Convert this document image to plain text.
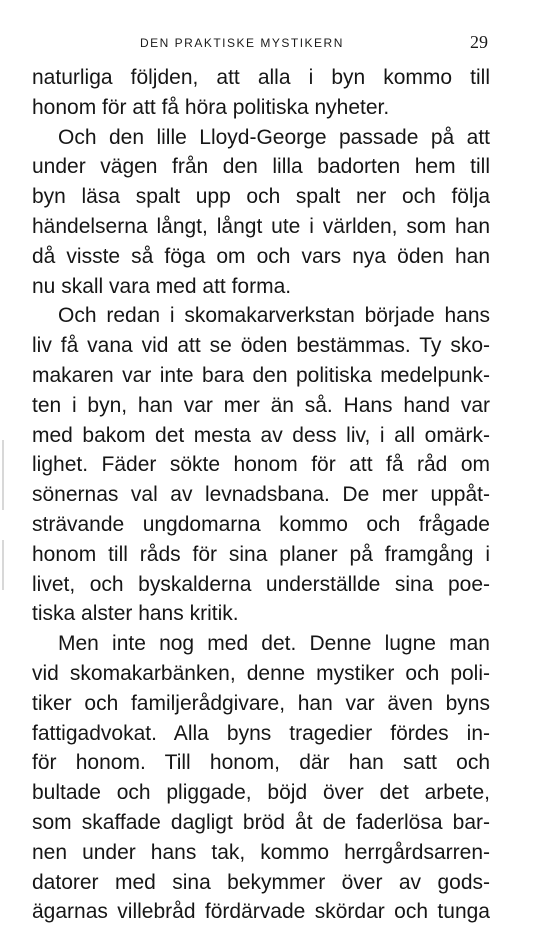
DEN PRAKTISKE MYSTIKERN	29
naturliga följden, att alla i byn kommo till
honom för att få höra politiska nyheter.
Och den lille Lloyd-George passade på att
under vägen från den lilla badorten hem till
byn läsa spalt upp och spalt ner och följa
händelserna långt, långt ute i världen, som han
då visste så föga om och vars nya öden han
nu skall vara med att forma.
Och redan i skomakarverkstan började hans
liv få vana vid att se öden bestämmas. Ty sko-
makaren var inte bara den politiska medelpunk-
ten i byn, han var mer än så. Hans hand var
med bakom det mesta av dess liv, i all omärk-
lighet. Fäder sökte honom för att få råd om
sönernas val av levnadsbana. De mer uppåt-
strävande ungdomarna kommo och frågade
honom till råds för sina planer på framgång i
livet, och byskalderna underställde sina poe-
tiska alster hans kritik.
Men inte nog med det. Denne lugne man
vid skomakarbänken, denne mystiker och poli-
tiker och familjerådgivare, han var även byns
fattigadvokat. Alla byns tragedier fördes in-
för honom. Till honom, där han satt och
bultade och pliggade, böjd över det arbete,
som skaffade dagligt bröd åt de faderlösa bar-
nen under hans tak, kommo herrgårdsarren-
datorer med sina bekymmer över av gods-
ägarnas villebråd fördärvade skördar och tunga
